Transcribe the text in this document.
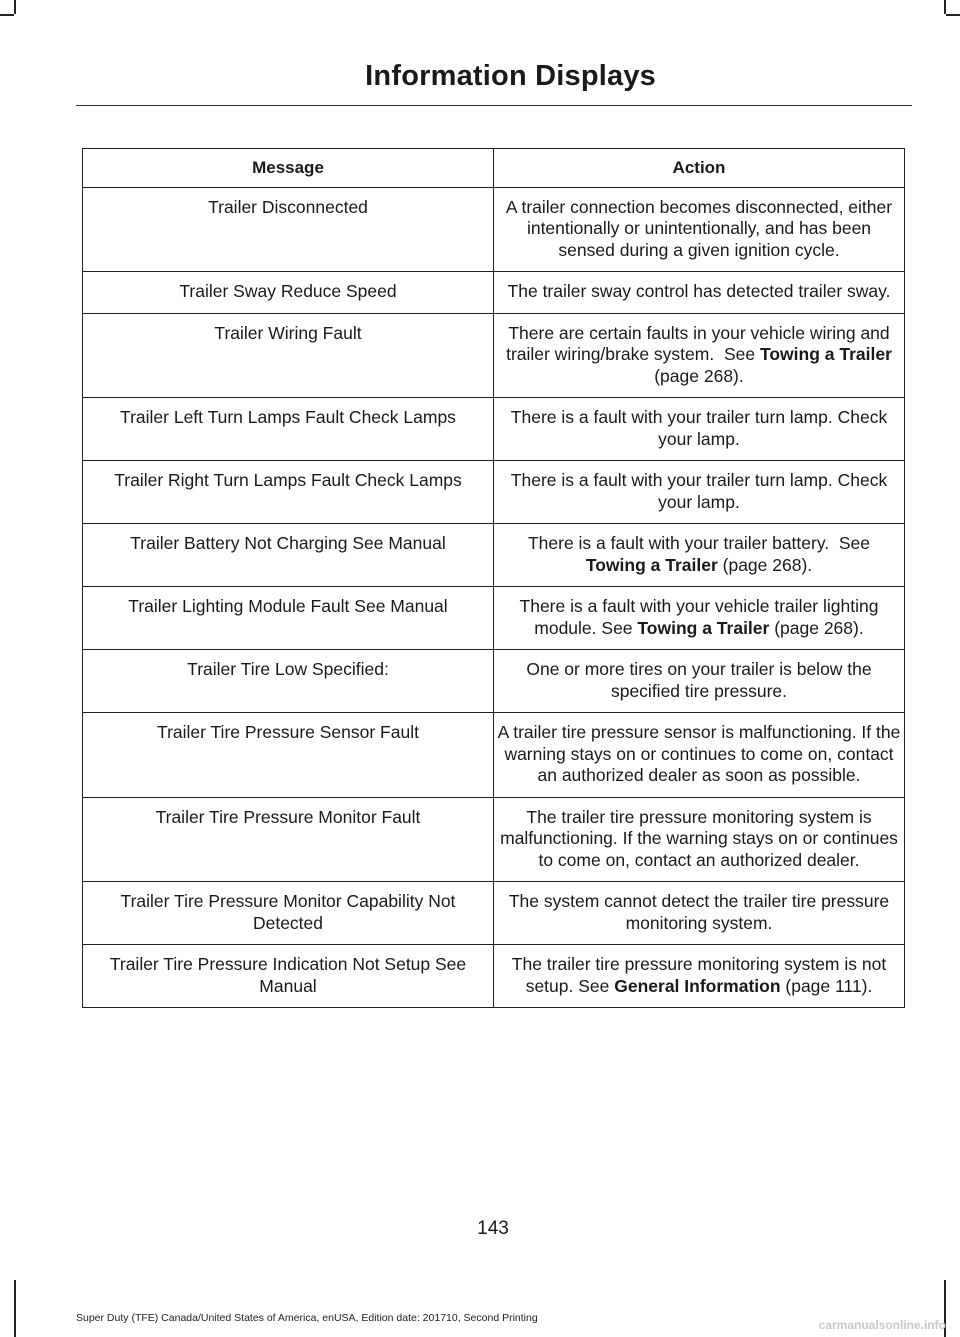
Information Displays
Message	Action
Trailer Disconnected	A trailer connection becomes disconnected, either intentionally or unintentionally, and has been sensed during a given ignition cycle.
Trailer Sway Reduce Speed	The trailer sway control has detected trailer sway.
Trailer Wiring Fault	There are certain faults in your vehicle wiring and trailer wiring/brake system.  See Towing a Trailer (page 268).
Trailer Left Turn Lamps Fault Check Lamps	There is a fault with your trailer turn lamp. Check your lamp.
Trailer Right Turn Lamps Fault Check Lamps	There is a fault with your trailer turn lamp. Check your lamp.
Trailer Battery Not Charging See Manual	There is a fault with your trailer battery.  See Towing a Trailer (page 268).
Trailer Lighting Module Fault See Manual	There is a fault with your vehicle trailer lighting module. See Towing a Trailer (page 268).
Trailer Tire Low Specified:	One or more tires on your trailer is below the specified tire pressure.
Trailer Tire Pressure Sensor Fault	A trailer tire pressure sensor is malfunctioning. If the warning stays on or continues to come on, contact an authorized dealer as soon as possible.
Trailer Tire Pressure Monitor Fault	The trailer tire pressure monitoring system is malfunctioning. If the warning stays on or continues to come on, contact an authorized dealer.
Trailer Tire Pressure Monitor Capability Not Detected	The system cannot detect the trailer tire pressure monitoring system.
Trailer Tire Pressure Indication Not Setup See Manual	The trailer tire pressure monitoring system is not setup. See General Information (page 111).
143
Super Duty (TFE) Canada/United States of America, enUSA, Edition date: 201710, Second Printing	carmanualsonline.info
